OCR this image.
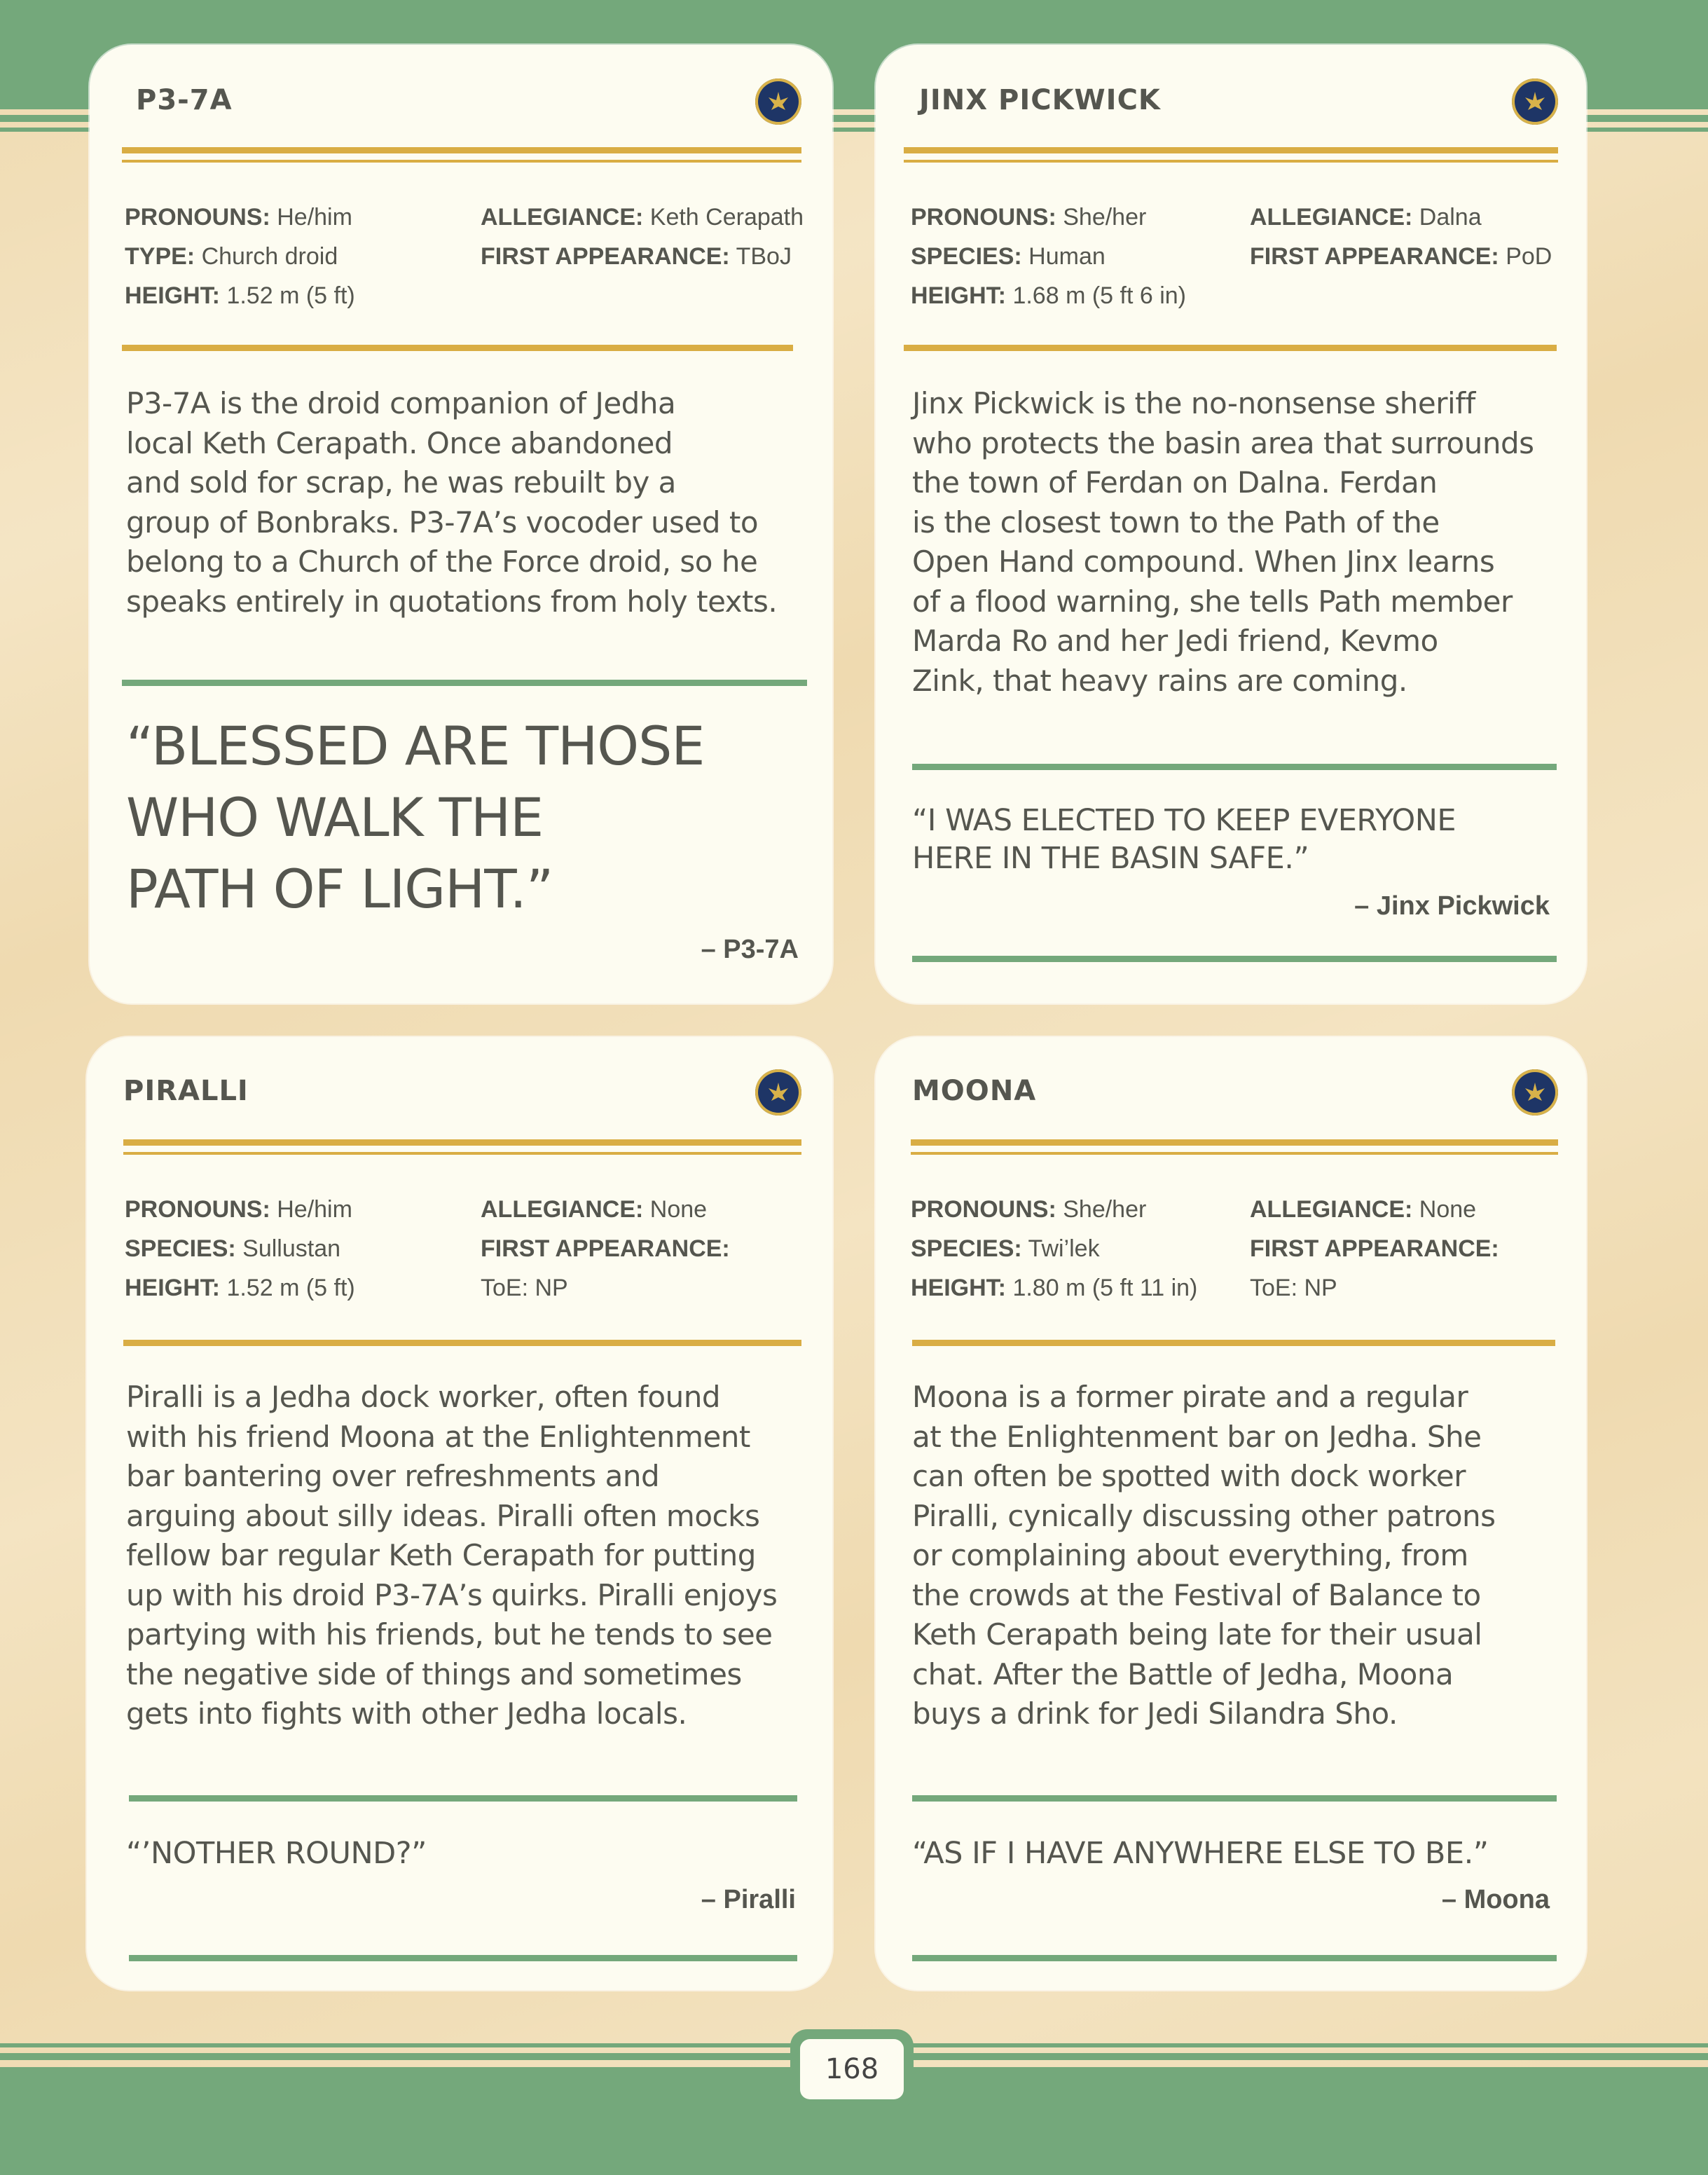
P3-7A
PRONOUNS: He/him
TYPE: Church droid
HEIGHT: 1.52 m (5 ft)
ALLEGIANCE: Keth Cerapath
FIRST APPEARANCE: TBoJ
P3-7A is the droid companion of Jedha
local Keth Cerapath. Once abandoned
and sold for scrap, he was rebuilt by a
group of Bonbraks. P3-7A’s vocoder used to
belong to a Church of the Force droid, so he
speaks entirely in quotations from holy texts.
“BLESSED ARE THOSE
WHO WALK THE
PATH OF LIGHT.”
– P3-7A
JINX PICKWICK
PRONOUNS: She/her
SPECIES: Human
HEIGHT: 1.68 m (5 ft 6 in)
ALLEGIANCE: Dalna
FIRST APPEARANCE: PoD
Jinx Pickwick is the no-nonsense sheriff
who protects the basin area that surrounds
the town of Ferdan on Dalna. Ferdan
is the closest town to the Path of the
Open Hand compound. When Jinx learns
of a flood warning, she tells Path member
Marda Ro and her Jedi friend, Kevmo
Zink, that heavy rains are coming.
“I WAS ELECTED TO KEEP EVERYONE
HERE IN THE BASIN SAFE.”
– Jinx Pickwick
PIRALLI
PRONOUNS: He/him
SPECIES: Sullustan
HEIGHT: 1.52 m (5 ft)
ALLEGIANCE: None
FIRST APPEARANCE:
ToE: NP
Piralli is a Jedha dock worker, often found
with his friend Moona at the Enlightenment
bar bantering over refreshments and
arguing about silly ideas. Piralli often mocks
fellow bar regular Keth Cerapath for putting
up with his droid P3-7A’s quirks. Piralli enjoys
partying with his friends, but he tends to see
the negative side of things and sometimes
gets into fights with other Jedha locals.
“’NOTHER ROUND?”
– Piralli
MOONA
PRONOUNS: She/her
SPECIES: Twi’lek
HEIGHT: 1.80 m (5 ft 11 in)
ALLEGIANCE: None
FIRST APPEARANCE:
ToE: NP
Moona is a former pirate and a regular
at the Enlightenment bar on Jedha. She
can often be spotted with dock worker
Piralli, cynically discussing other patrons
or complaining about everything, from
the crowds at the Festival of Balance to
Keth Cerapath being late for their usual
chat. After the Battle of Jedha, Moona
buys a drink for Jedi Silandra Sho.
“AS IF I HAVE ANYWHERE ELSE TO BE.”
– Moona
168
